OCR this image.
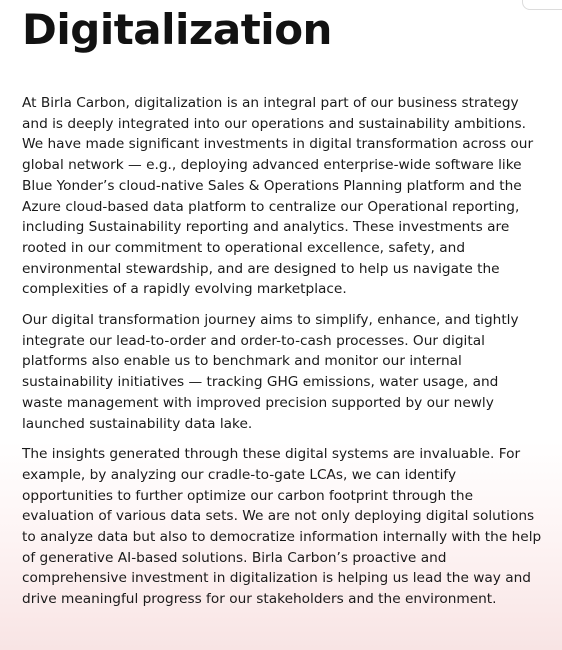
Digitalization

At Birla Carbon, digitalization is an integral part of our business strategy and is deeply integrated into our operations and sustainability ambitions. We have made significant investments in digital transformation across our global network — e.g., deploying advanced enterprise-wide software like Blue Yonder’s cloud-native Sales & Operations Planning platform and the Azure cloud-based data platform to centralize our Operational reporting, including Sustainability reporting and analytics. These investments are rooted in our commitment to operational excellence, safety, and environmental stewardship, and are designed to help us navigate the complexities of a rapidly evolving marketplace.

Our digital transformation journey aims to simplify, enhance, and tightly integrate our lead-to-order and order-to-cash processes. Our digital platforms also enable us to benchmark and monitor our internal sustainability initiatives — tracking GHG emissions, water usage, and waste management with improved precision supported by our newly launched sustainability data lake.

The insights generated through these digital systems are invaluable. For example, by analyzing our cradle-to-gate LCAs, we can identify opportunities to further optimize our carbon footprint through the evaluation of various data sets. We are not only deploying digital solutions to analyze data but also to democratize information internally with the help of generative AI-based solutions. Birla Carbon’s proactive and comprehensive investment in digitalization is helping us lead the way and drive meaningful progress for our stakeholders and the environment.
